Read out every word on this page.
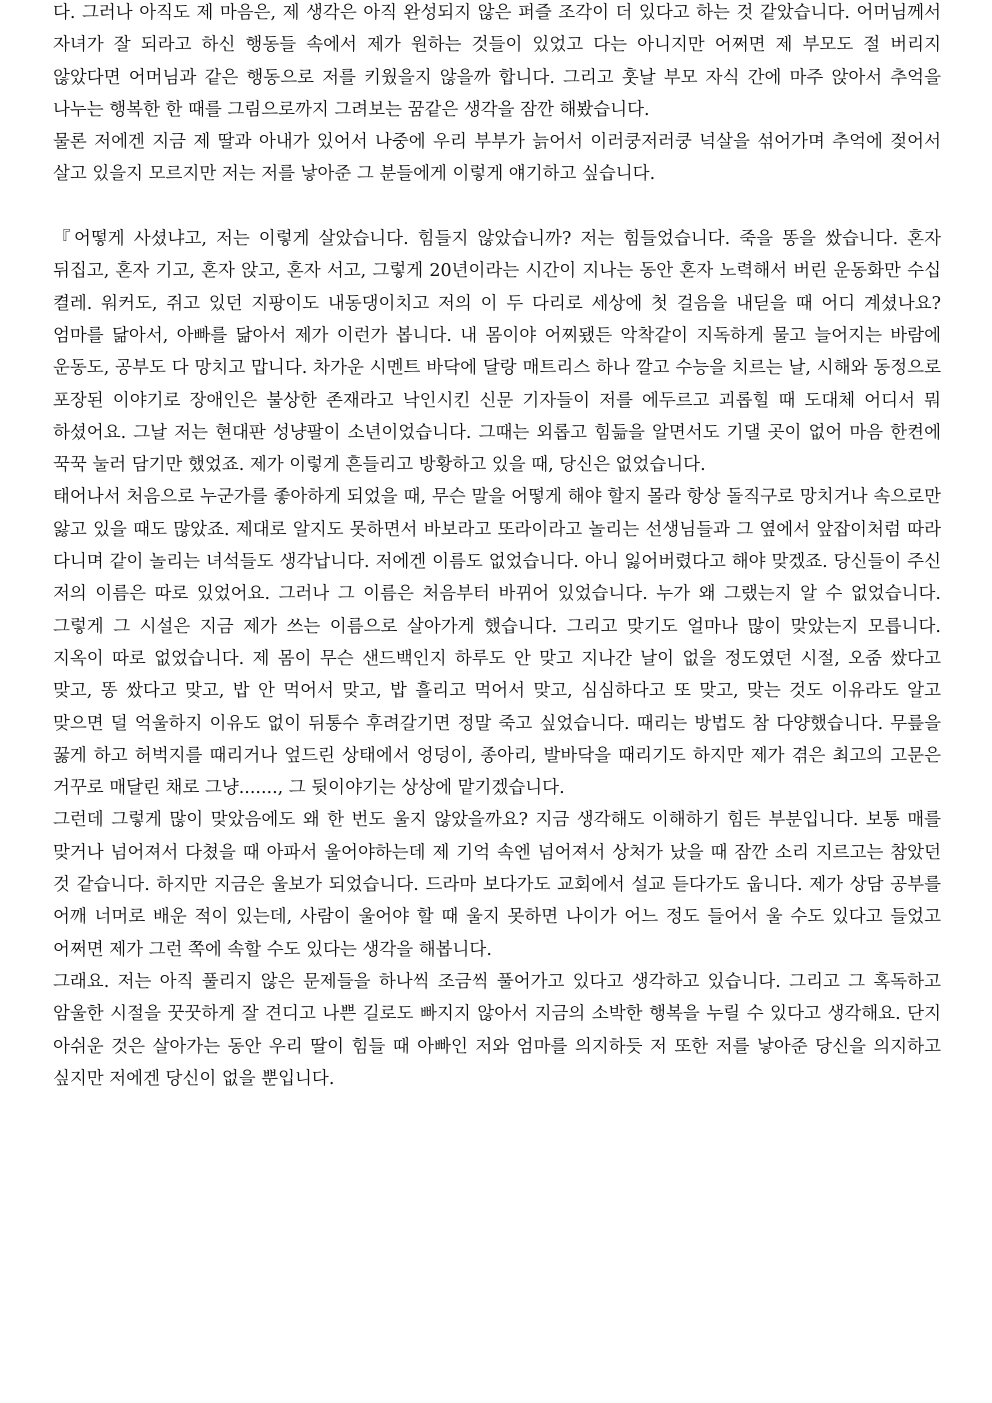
다. 그러나 아직도 제 마음은, 제 생각은 아직 완성되지 않은 퍼즐 조각이 더 있다고 하는 것 같았습니다. 어머님께서 자녀가 잘 되라고 하신 행동들 속에서 제가 원하는 것들이 있었고 다는 아니지만 어쩌면 제 부모도 절 버리지 않았다면 어머님과 같은 행동으로 저를 키웠을지 않을까 합니다. 그리고 훗날 부모 자식 간에 마주 앉아서 추억을 나누는 행복한 한 때를 그림으로까지 그려보는 꿈같은 생각을 잠깐 해봤습니다.

물론 저에겐 지금 제 딸과 아내가 있어서 나중에 우리 부부가 늙어서 이러쿵저러쿵 넉살을 섞어가며 추억에 젖어서 살고 있을지 모르지만 저는 저를 낳아준 그 분들에게 이렇게 얘기하고 싶습니다.

『어떻게 사셨냐고, 저는 이렇게 살았습니다. 힘들지 않았습니까? 저는 힘들었습니다. 죽을 똥을 쌌습니다. 혼자 뒤집고, 혼자 기고, 혼자 앉고, 혼자 서고, 그렇게 20년이라는 시간이 지나는 동안 혼자 노력해서 버린 운동화만 수십 켤레. 워커도, 쥐고 있던 지팡이도 내동댕이치고 저의 이 두 다리로 세상에 첫 걸음을 내딛을 때 어디 계셨나요? 엄마를 닮아서, 아빠를 닮아서 제가 이런가 봅니다. 내 몸이야 어찌됐든 악착같이 지독하게 물고 늘어지는 바람에 운동도, 공부도 다 망치고 맙니다. 차가운 시멘트 바닥에 달랑 매트리스 하나 깔고 수능을 치르는 날, 시해와 동정으로 포장된 이야기로 장애인은 불상한 존재라고 낙인시킨 신문 기자들이 저를 에두르고 괴롭힐 때 도대체 어디서 뭐 하셨어요. 그날 저는 현대판 성냥팔이 소년이었습니다. 그때는 외롭고 힘듦을 알면서도 기댈 곳이 없어 마음 한켠에 꾹꾹 눌러 담기만 했었죠. 제가 이렇게 흔들리고 방황하고 있을 때, 당신은 없었습니다.

태어나서 처음으로 누군가를 좋아하게 되었을 때, 무슨 말을 어떻게 해야 할지 몰라 항상 돌직구로 망치거나 속으로만 앓고 있을 때도 많았죠. 제대로 알지도 못하면서 바보라고 또라이라고 놀리는 선생님들과 그 옆에서 앞잡이처럼 따라 다니며 같이 놀리는 녀석들도 생각납니다. 저에겐 이름도 없었습니다. 아니 잃어버렸다고 해야 맞겠죠. 당신들이 주신 저의 이름은 따로 있었어요. 그러나 그 이름은 처음부터 바뀌어 있었습니다. 누가 왜 그랬는지 알 수 없었습니다. 그렇게 그 시설은 지금 제가 쓰는 이름으로 살아가게 했습니다. 그리고 맞기도 얼마나 많이 맞았는지 모릅니다. 지옥이 따로 없었습니다. 제 몸이 무슨 샌드백인지 하루도 안 맞고 지나간 날이 없을 정도였던 시절, 오줌 쌌다고 맞고, 똥 쌌다고 맞고, 밥 안 먹어서 맞고, 밥 흘리고 먹어서 맞고, 심심하다고 또 맞고, 맞는 것도 이유라도 알고 맞으면 덜 억울하지 이유도 없이 뒤통수 후려갈기면 정말 죽고 싶었습니다. 때리는 방법도 참 다양했습니다. 무릎을 꿇게 하고 허벅지를 때리거나 엎드린 상태에서 엉덩이, 종아리, 발바닥을 때리기도 하지만 제가 겪은 최고의 고문은 거꾸로 매달린 채로 그냥......., 그 뒷이야기는 상상에 맡기겠습니다.

그런데 그렇게 많이 맞았음에도 왜 한 번도 울지 않았을까요? 지금 생각해도 이해하기 힘든 부분입니다. 보통 매를 맞거나 넘어져서 다쳤을 때 아파서 울어야하는데 제 기억 속엔 넘어져서 상처가 났을 때 잠깐 소리 지르고는 참았던 것 같습니다. 하지만 지금은 울보가 되었습니다. 드라마 보다가도 교회에서 설교 듣다가도 웁니다. 제가 상담 공부를 어깨 너머로 배운 적이 있는데, 사람이 울어야 할 때 울지 못하면 나이가 어느 정도 들어서 울 수도 있다고 들었고 어쩌면 제가 그런 쪽에 속할 수도 있다는 생각을 해봅니다.

그래요. 저는 아직 풀리지 않은 문제들을 하나씩 조금씩 풀어가고 있다고 생각하고 있습니다. 그리고 그 혹독하고 암울한 시절을 꿋꿋하게 잘 견디고 나쁜 길로도 빠지지 않아서 지금의 소박한 행복을 누릴 수 있다고 생각해요. 단지 아쉬운 것은 살아가는 동안 우리 딸이 힘들 때 아빠인 저와 엄마를 의지하듯 저 또한 저를 낳아준 당신을 의지하고 싶지만 저에겐 당신이 없을 뿐입니다.
